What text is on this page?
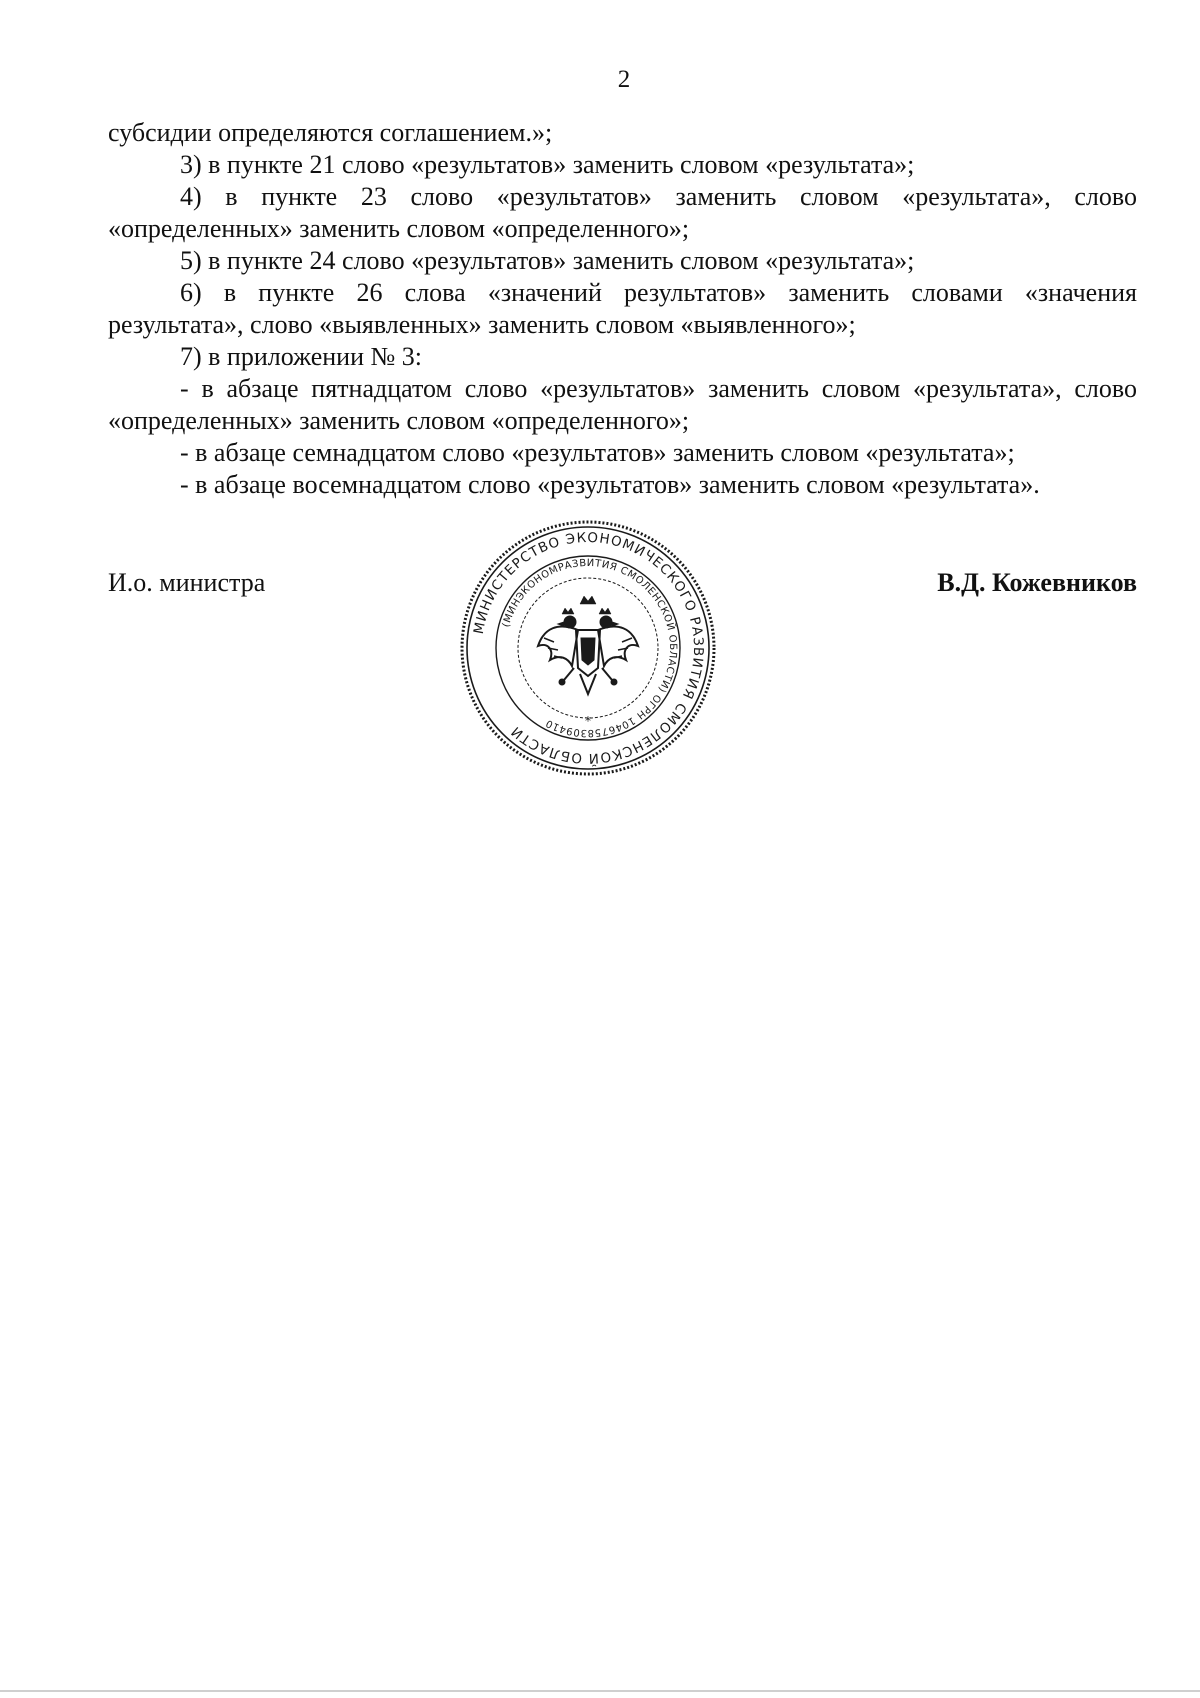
2

субсидии определяются соглашением.»;

3) в пункте 21 слово «результатов» заменить словом «результата»;

4) в пункте 23 слово «результатов» заменить словом «результата», слово «определенных» заменить словом «определенного»;

5) в пункте 24 слово «результатов» заменить словом «результата»;

6) в пункте 26 слова «значений результатов» заменить словами «значения результата», слово «выявленных» заменить словом «выявленного»;

7) в приложении № 3:

- в абзаце пятнадцатом слово «результатов» заменить словом «результата», слово «определенных» заменить словом «определенного»;

- в абзаце семнадцатом слово «результатов» заменить словом «результата»;

- в абзаце восемнадцатом слово «результатов» заменить словом «результата».

И.о. министра	В.Д. Кожевников
МИНИСТЕРСТВО ЭКОНОМИЧЕСКОГО РАЗВИТИЯ СМОЛЕНСКОЙ ОБЛАСТИ
(МИНЭКОНОМРАЗВИТИЯ СМОЛЕНСКОЙ ОБЛАСТИ) ОГРН 1046758309410	*
